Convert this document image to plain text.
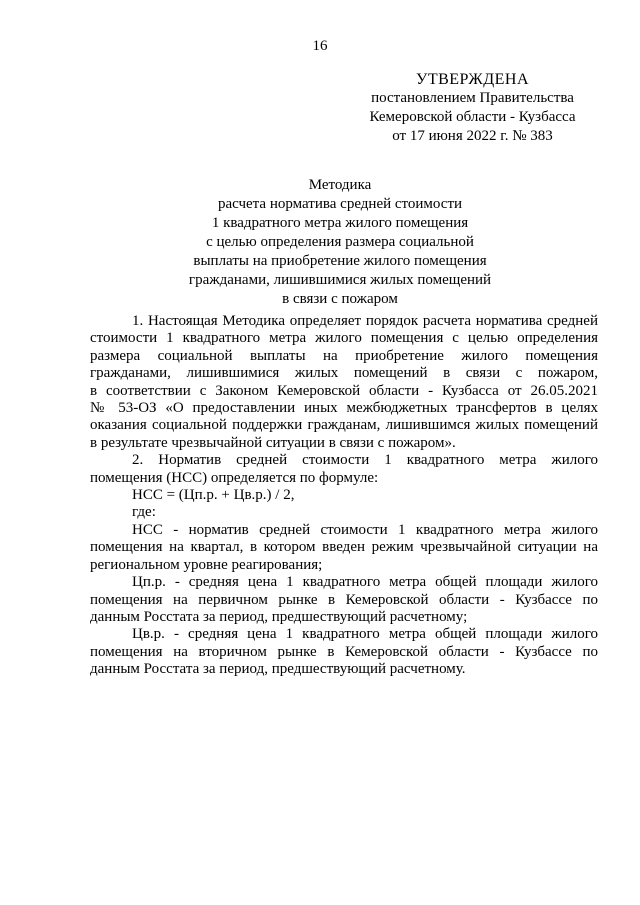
16
УТВЕРЖДЕНА
постановлением Правительства
Кемеровской области - Кузбасса
от 17 июня 2022 г. № 383
Методика
расчета норматива средней стоимости
1 квадратного метра жилого помещения
с целью определения размера социальной
выплаты на приобретение жилого помещения
гражданами, лишившимися жилых помещений
в связи с пожаром
1. Настоящая Методика определяет порядок расчета норматива средней
стоимости 1 квадратного метра жилого помещения с целью определения
размера социальной выплаты на приобретение жилого помещения
гражданами, лишившимися жилых помещений в связи с пожаром,
в соответствии с Законом Кемеровской области - Кузбасса от 26.05.2021
№ 53-ОЗ «О предоставлении иных межбюджетных трансфертов в целях
оказания социальной поддержки гражданам, лишившимся жилых помещений
в результате чрезвычайной ситуации в связи с пожаром».
2. Норматив средней стоимости 1 квадратного метра жилого
помещения (НСС) определяется по формуле:
НСС = (Цп.р. + Цв.р.) / 2,
где:
НСС - норматив средней стоимости 1 квадратного метра жилого
помещения на квартал, в котором введен режим чрезвычайной ситуации на
региональном уровне реагирования;
Цп.р. - средняя цена 1 квадратного метра общей площади жилого
помещения на первичном рынке в Кемеровской области - Кузбассе по
данным Росстата за период, предшествующий расчетному;
Цв.р. - средняя цена 1 квадратного метра общей площади жилого
помещения на вторичном рынке в Кемеровской области - Кузбассе по
данным Росстата за период, предшествующий расчетному.
